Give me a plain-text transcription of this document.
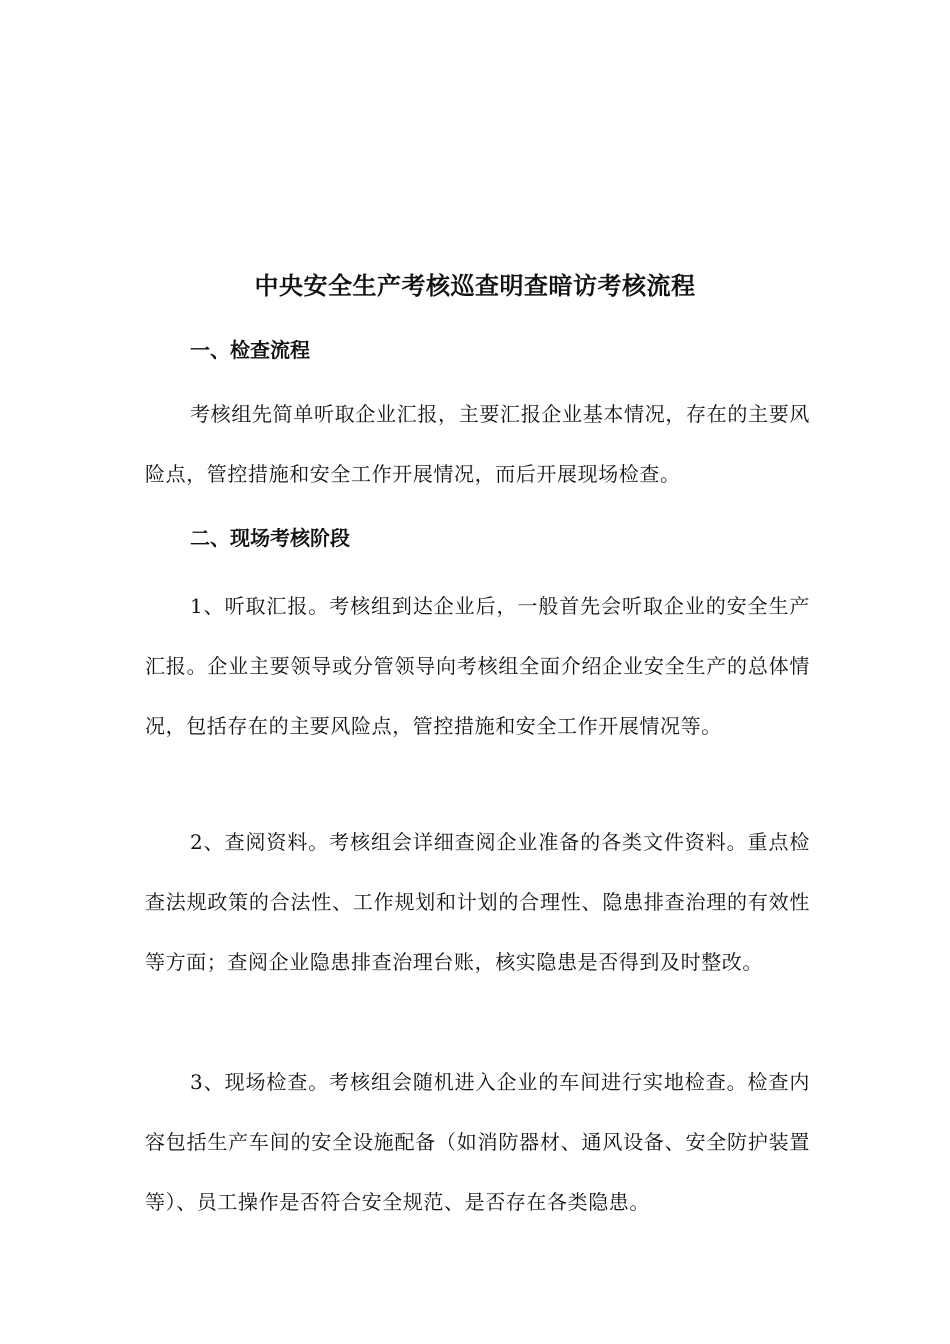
中央安全生产考核巡查明查暗访考核流程
一、检查流程
考核组先简单听取企业汇报，主要汇报企业基本情况，存在的主要风险点，管控措施和安全工作开展情况，而后开展现场检查。
二、现场考核阶段
1、听取汇报。考核组到达企业后，一般首先会听取企业的安全生产汇报。企业主要领导或分管领导向考核组全面介绍企业安全生产的总体情况，包括存在的主要风险点，管控措施和安全工作开展情况等。
2、查阅资料。考核组会详细查阅企业准备的各类文件资料。重点检查法规政策的合法性、工作规划和计划的合理性、隐患排查治理的有效性等方面；查阅企业隐患排查治理台账，核实隐患是否得到及时整改。
3、现场检查。考核组会随机进入企业的车间进行实地检查。检查内容包括生产车间的安全设施配备（如消防器材、通风设备、安全防护装置等）、员工操作是否符合安全规范、是否存在各类隐患。
